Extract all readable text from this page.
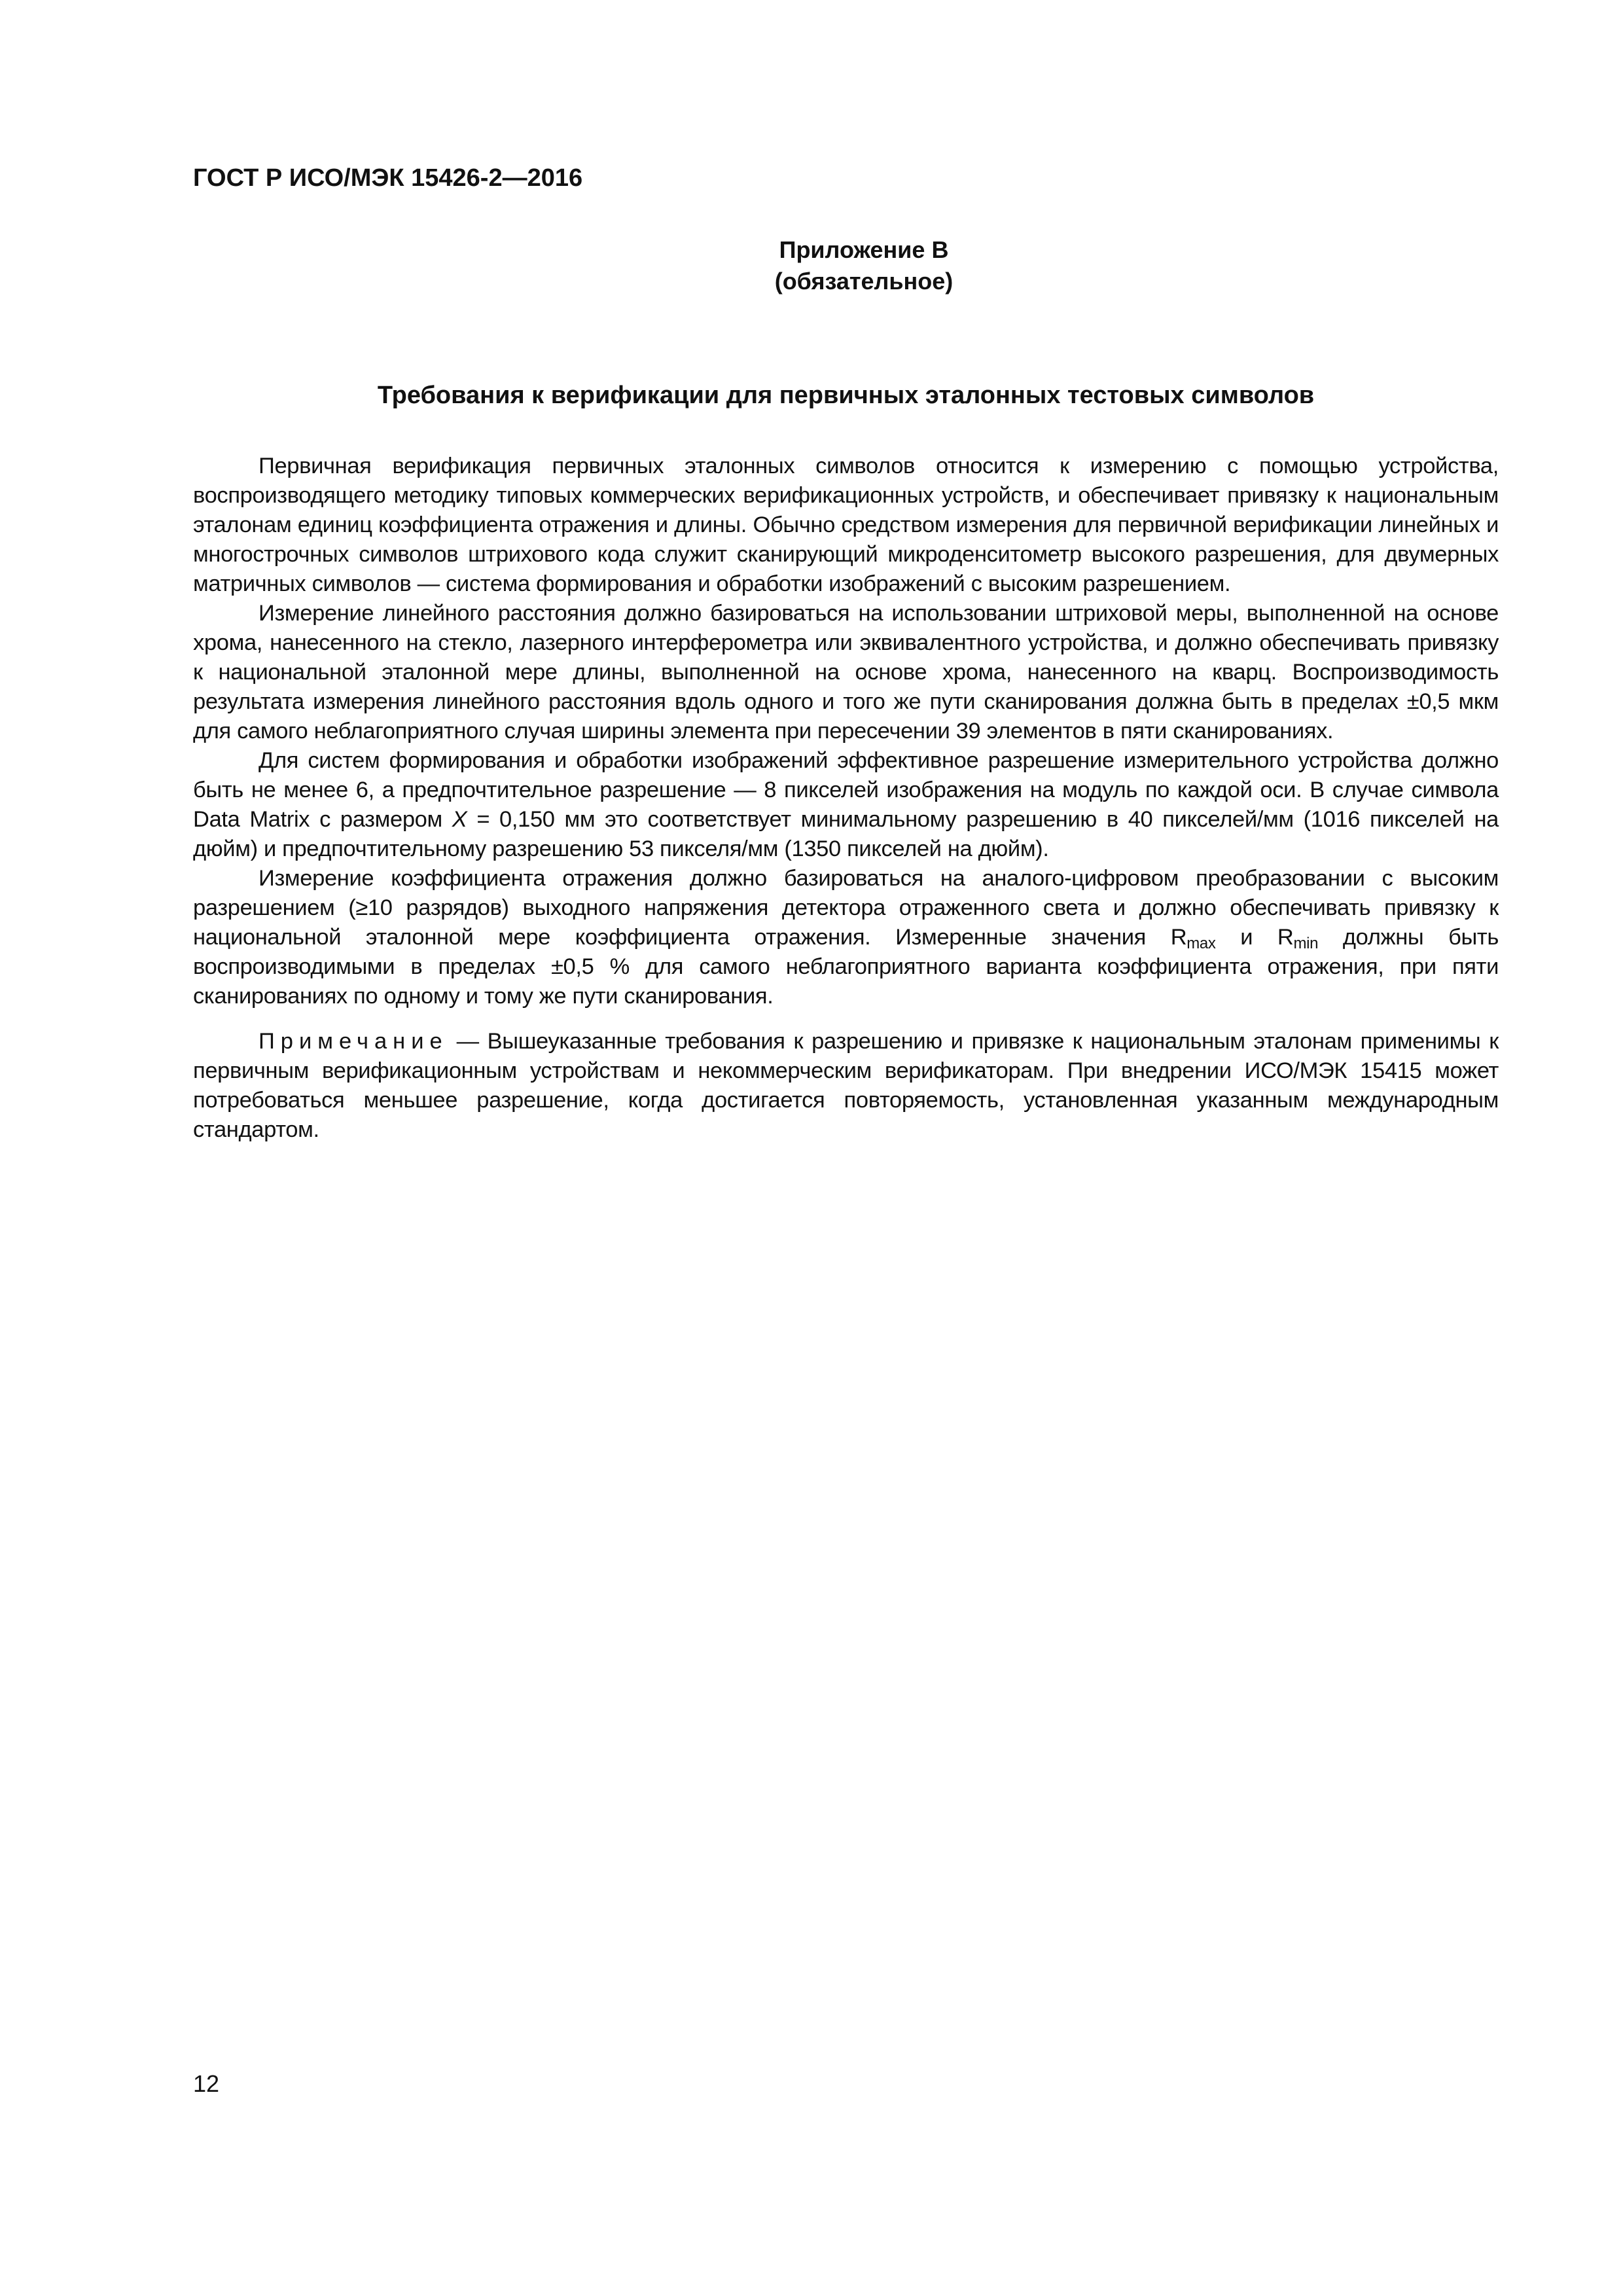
ГОСТ Р ИСО/МЭК 15426-2—2016
Приложение В
(обязательное)
Требования к верификации для первичных эталонных тестовых символов

Первичная верификация первичных эталонных символов относится к измерению с помощью устройства, воспроизводящего методику типовых коммерческих верификационных устройств, и обеспечивает привязку к национальным эталонам единиц коэффициента отражения и длины. Обычно средством измерения для первичной верификации линейных и многострочных символов штрихового кода служит сканирующий микроденситометр высокого разрешения, для двумерных матричных символов — система формирования и обработки изображений с высоким разрешением.

Измерение линейного расстояния должно базироваться на использовании штриховой меры, выполненной на основе хрома, нанесенного на стекло, лазерного интерферометра или эквивалентного устройства, и должно обеспечивать привязку к национальной эталонной мере длины, выполненной на основе хрома, нанесенного на кварц. Воспроизводимость результата измерения линейного расстояния вдоль одного и того же пути сканирования должна быть в пределах ±0,5 мкм для самого неблагоприятного случая ширины элемента при пересечении 39 элементов в пяти сканированиях.

Для систем формирования и обработки изображений эффективное разрешение измерительного устройства должно быть не менее 6, а предпочтительное разрешение — 8 пикселей изображения на модуль по каждой оси. В случае символа Data Matrix с размером X = 0,150 мм это соответствует минимальному разрешению в 40 пикселей/мм (1016 пикселей на дюйм) и предпочтительному разрешению 53 пикселя/мм (1350 пикселей на дюйм).

Измерение коэффициента отражения должно базироваться на аналого-цифровом преобразовании с высоким разрешением (≥10 разрядов) выходного напряжения детектора отраженного света и должно обеспечивать привязку к национальной эталонной мере коэффициента отражения. Измеренные значения $R_{max}$ и $R_{min}$ должны быть воспроизводимыми в пределах ±0,5 % для самого неблагоприятного варианта коэффициента отражения, при пяти сканированиях по одному и тому же пути сканирования.

Примечание — Вышеуказанные требования к разрешению и привязке к национальным эталонам применимы к первичным верификационным устройствам и некоммерческим верификаторам. При внедрении ИСО/МЭК 15415 может потребоваться меньшее разрешение, когда достигается повторяемость, установленная указанным международным стандартом.

12
